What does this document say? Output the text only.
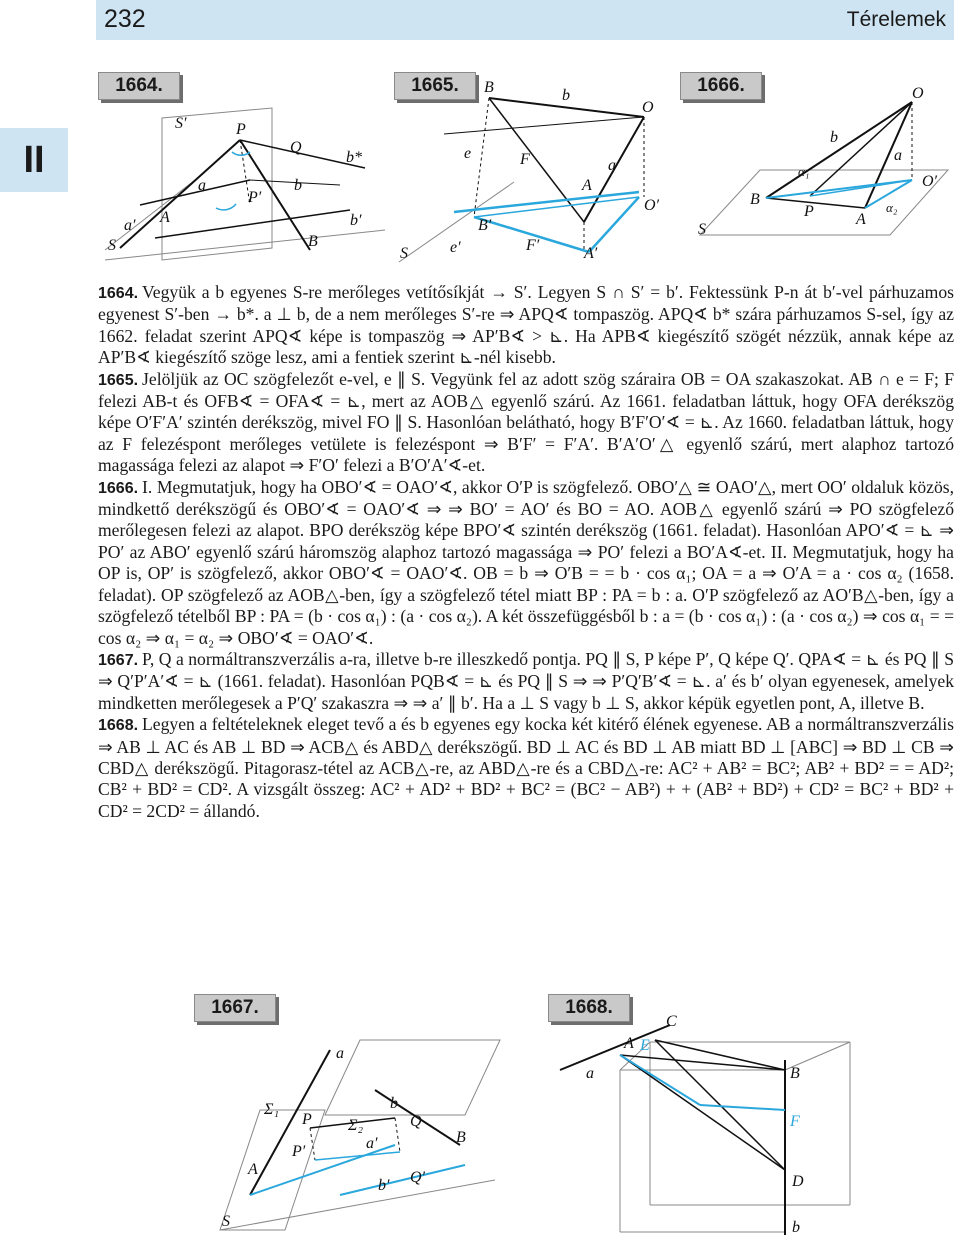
232	Térelemek
II
1664.	1665.	1666.
1667.	1668.
S′	P
Q
b*
a
P′
b
a′ A	b′
S	B
B	b
O
e	F	a
A
O′
B′
e′	F′	A′
S
O
b
a
α₁
O′
B
P	α₂
A
S

1664. Vegyük a b egyenes S-re merőleges vetítősíkját → S′. Legyen S ∩ S′ = b′. Fektessünk P-n át b′-vel párhuzamos egyenest S′-ben → b*. a ⊥ b, de a nem merőleges S′-re ⇒ APQ∢ tompaszög. APQ∢ b* szára párhuzamos S-sel, így az 1662. feladat szerint APQ∢ képe is tompaszög ⇒ AP′B∢ > ⊾. Ha APB∢ kiegészítő szögét nézzük, annak képe az AP′B∢ kiegészítő szöge lesz, ami a fentiek szerint ⊾-nél kisebb.

1665. Jelöljük az OC szögfelezőt e-vel, e ∥ S. Vegyünk fel az adott szög száraira OB = OA szakaszokat. AB ∩ e = F; F felezi AB-t és OFB∢ = OFA∢ = ⊾, mert az AOB△ egyenlő szárú. Az 1661. feladatban láttuk, hogy OFA derékszög képe O′F′A′ szintén derékszög, mivel FO ∥ S. Hasonlóan belátható, hogy B′F′O′∢ = ⊾. Az 1660. feladatban láttuk, hogy az F felezéspont merőleges vetülete is felezéspont ⇒ B′F′ = F′A′. B′A′O′△ egyenlő szárú, mert alaphoz tartozó magassága felezi az alapot ⇒ F′O′ felezi a B′O′A′∢-et.

1666. I. Megmutatjuk, hogy ha OBO′∢ = OAO′∢, akkor O′P is szögfelező. OBO′△ ≅ OAO′△, mert OO′ oldaluk közös, mindkettő derékszögű és OBO′∢ = OAO′∢ ⇒ ⇒ BO′ = AO′ és BO = AO. AOB△ egyenlő szárú ⇒ PO szögfelező merőlegesen felezi az alapot. BPO derékszög képe BPO′∢ szintén derékszög (1661. feladat). Hasonlóan APO′∢ = ⊾ ⇒ PO′ az ABO′ egyenlő szárú háromszög alaphoz tartozó magassága ⇒ PO′ felezi a BO′A∢-et. II. Megmutatjuk, hogy ha OP is, OP′ is szögfelező, akkor OBO′∢ = OAO′∢. OB = b ⇒ O′B = = b · cos α₁; OA = a ⇒ O′A = a · cos α₂ (1658. feladat). OP szögfelező az AOB△-ben, így a szögfelező tétel miatt BP : PA = b : a. O′P szögfelező az AO′B△-ben, így a szögfelező tételből BP : PA = (b · cos α₁) : (a · cos α₂). A két összefüggésből b : a = (b · cos α₁) : (a · cos α₂) ⇒ cos α₁ = = cos α₂ ⇒ α₁ = α₂ ⇒ OBO′∢ = OAO′∢.

1667. P, Q a normáltranszverzális a-ra, illetve b-re illeszkedő pontja. PQ ∥ S, P képe P′, Q képe Q′. QPA∢ = ⊾ és PQ ∥ S ⇒ Q′P′A′∢ = ⊾ (1661. feladat). Hasonlóan PQB∢ = ⊾ és PQ ∥ S ⇒ ⇒ P′Q′B′∢ = ⊾. a′ és b′ olyan egyenesek, amelyek mindketten merőlegesek a P′Q′ szakaszra ⇒ ⇒ a′ ∥ b′. Ha a ⊥ S vagy b ⊥ S, akkor képük egyetlen pont, A, illetve B.

1668. Legyen a feltételeknek eleget tevő a és b egyenes egy kocka két kitérő élének egyenese. AB a normáltranszverzális ⇒ AB ⊥ AC és AB ⊥ BD ⇒ ACB△ és ABD△ derékszögű. BD ⊥ AC és BD ⊥ AB miatt BD ⊥ [ABC] ⇒ BD ⊥ CB ⇒ CBD△ derékszögű. Pitagorasz-tétel az ACB△-re, az ABD△-re és a CBD△-re: AC² + AB² = BC²; AB² + BD² = = AD²; CB² + BD² = CD². A vizsgált összeg: AC² + AD² + BD² + BC² = (BC² − AB²) + + (AB² + BD²) + CD² = BC² + BD² + CD² = 2CD² = állandó.

a
Σ₁
P Σ₂
b
Q
B
a′
P′
A
b′ Q′
S
C
E
A
B
a
F
D
b
